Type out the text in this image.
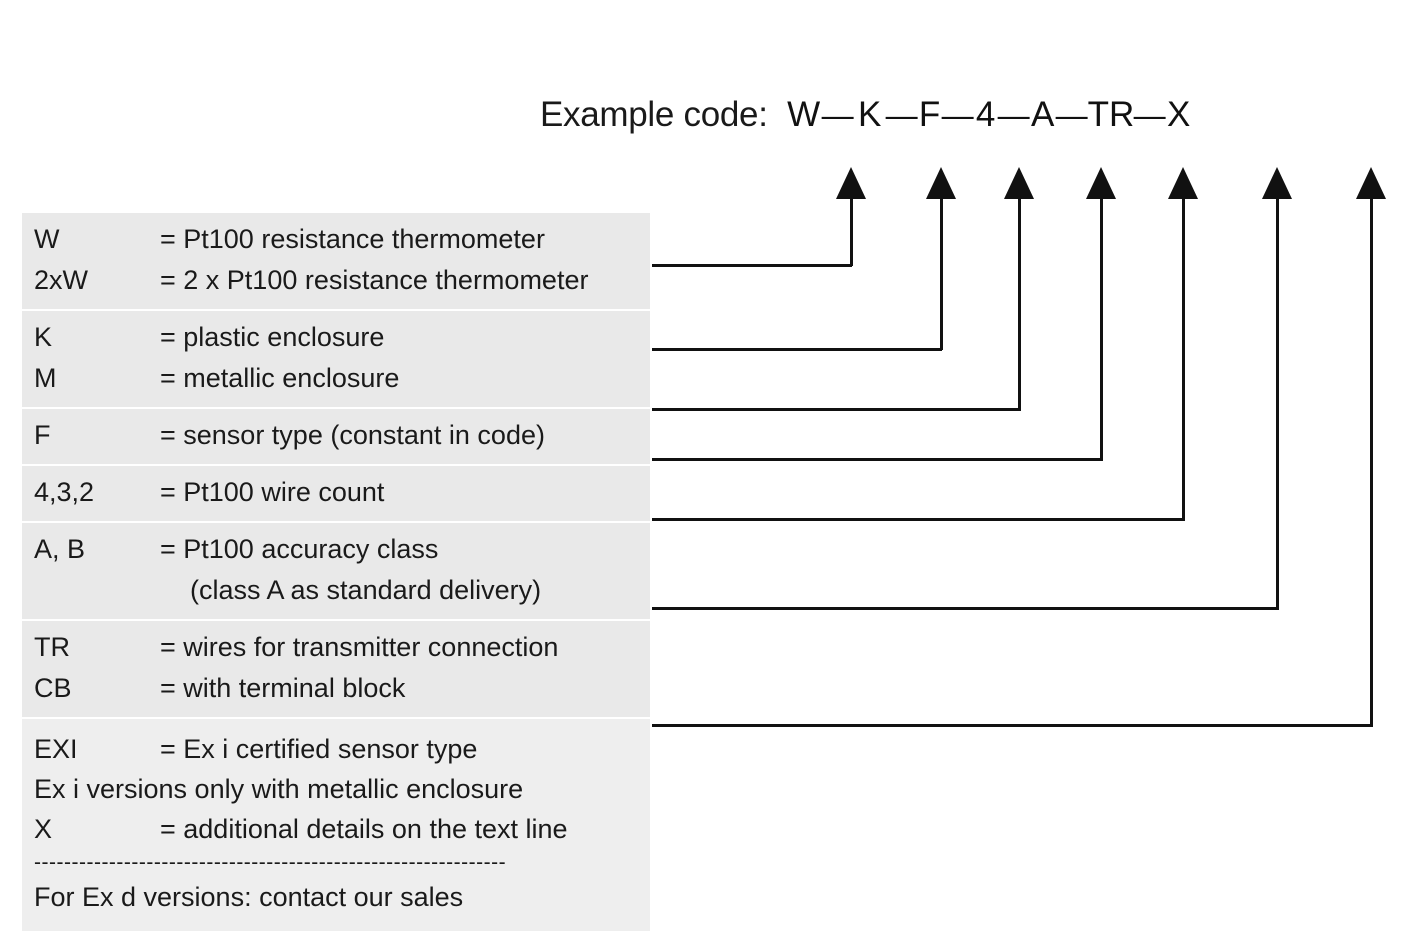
Example code: W — K — F — 4 — A — TR — X
W	= Pt100 resistance thermometer
2xW	= 2 x Pt100 resistance thermometer
K	= plastic enclosure
M	= metallic enclosure
F	= sensor type (constant in code)
4,3,2	= Pt100 wire count
A, B	= Pt100 accuracy class
(class A as standard delivery)
TR	= wires for transmitter connection
CB	= with terminal block
EXI	= Ex i certified sensor type
Ex i versions only with metallic enclosure
X	= additional details on the text line
---------------------------------------------------------------
For Ex d versions: contact our sales
